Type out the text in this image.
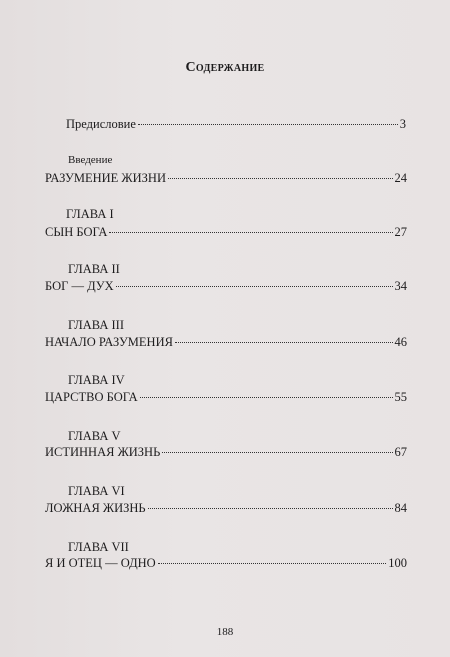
Содержание
Предисловие	3
Введение
РАЗУМЕНИЕ ЖИЗНИ	24
ГЛАВА I
СЫН БОГА	27
ГЛАВА II
БОГ — ДУХ	34
ГЛАВА III
НАЧАЛО РАЗУМЕНИЯ	46
ГЛАВА IV
ЦАРСТВО БОГА	55
ГЛАВА V
ИСТИННАЯ ЖИЗНЬ	67
ГЛАВА VI
ЛОЖНАЯ ЖИЗНЬ	84
ГЛАВА VII
Я И ОТЕЦ — ОДНО	100
188
